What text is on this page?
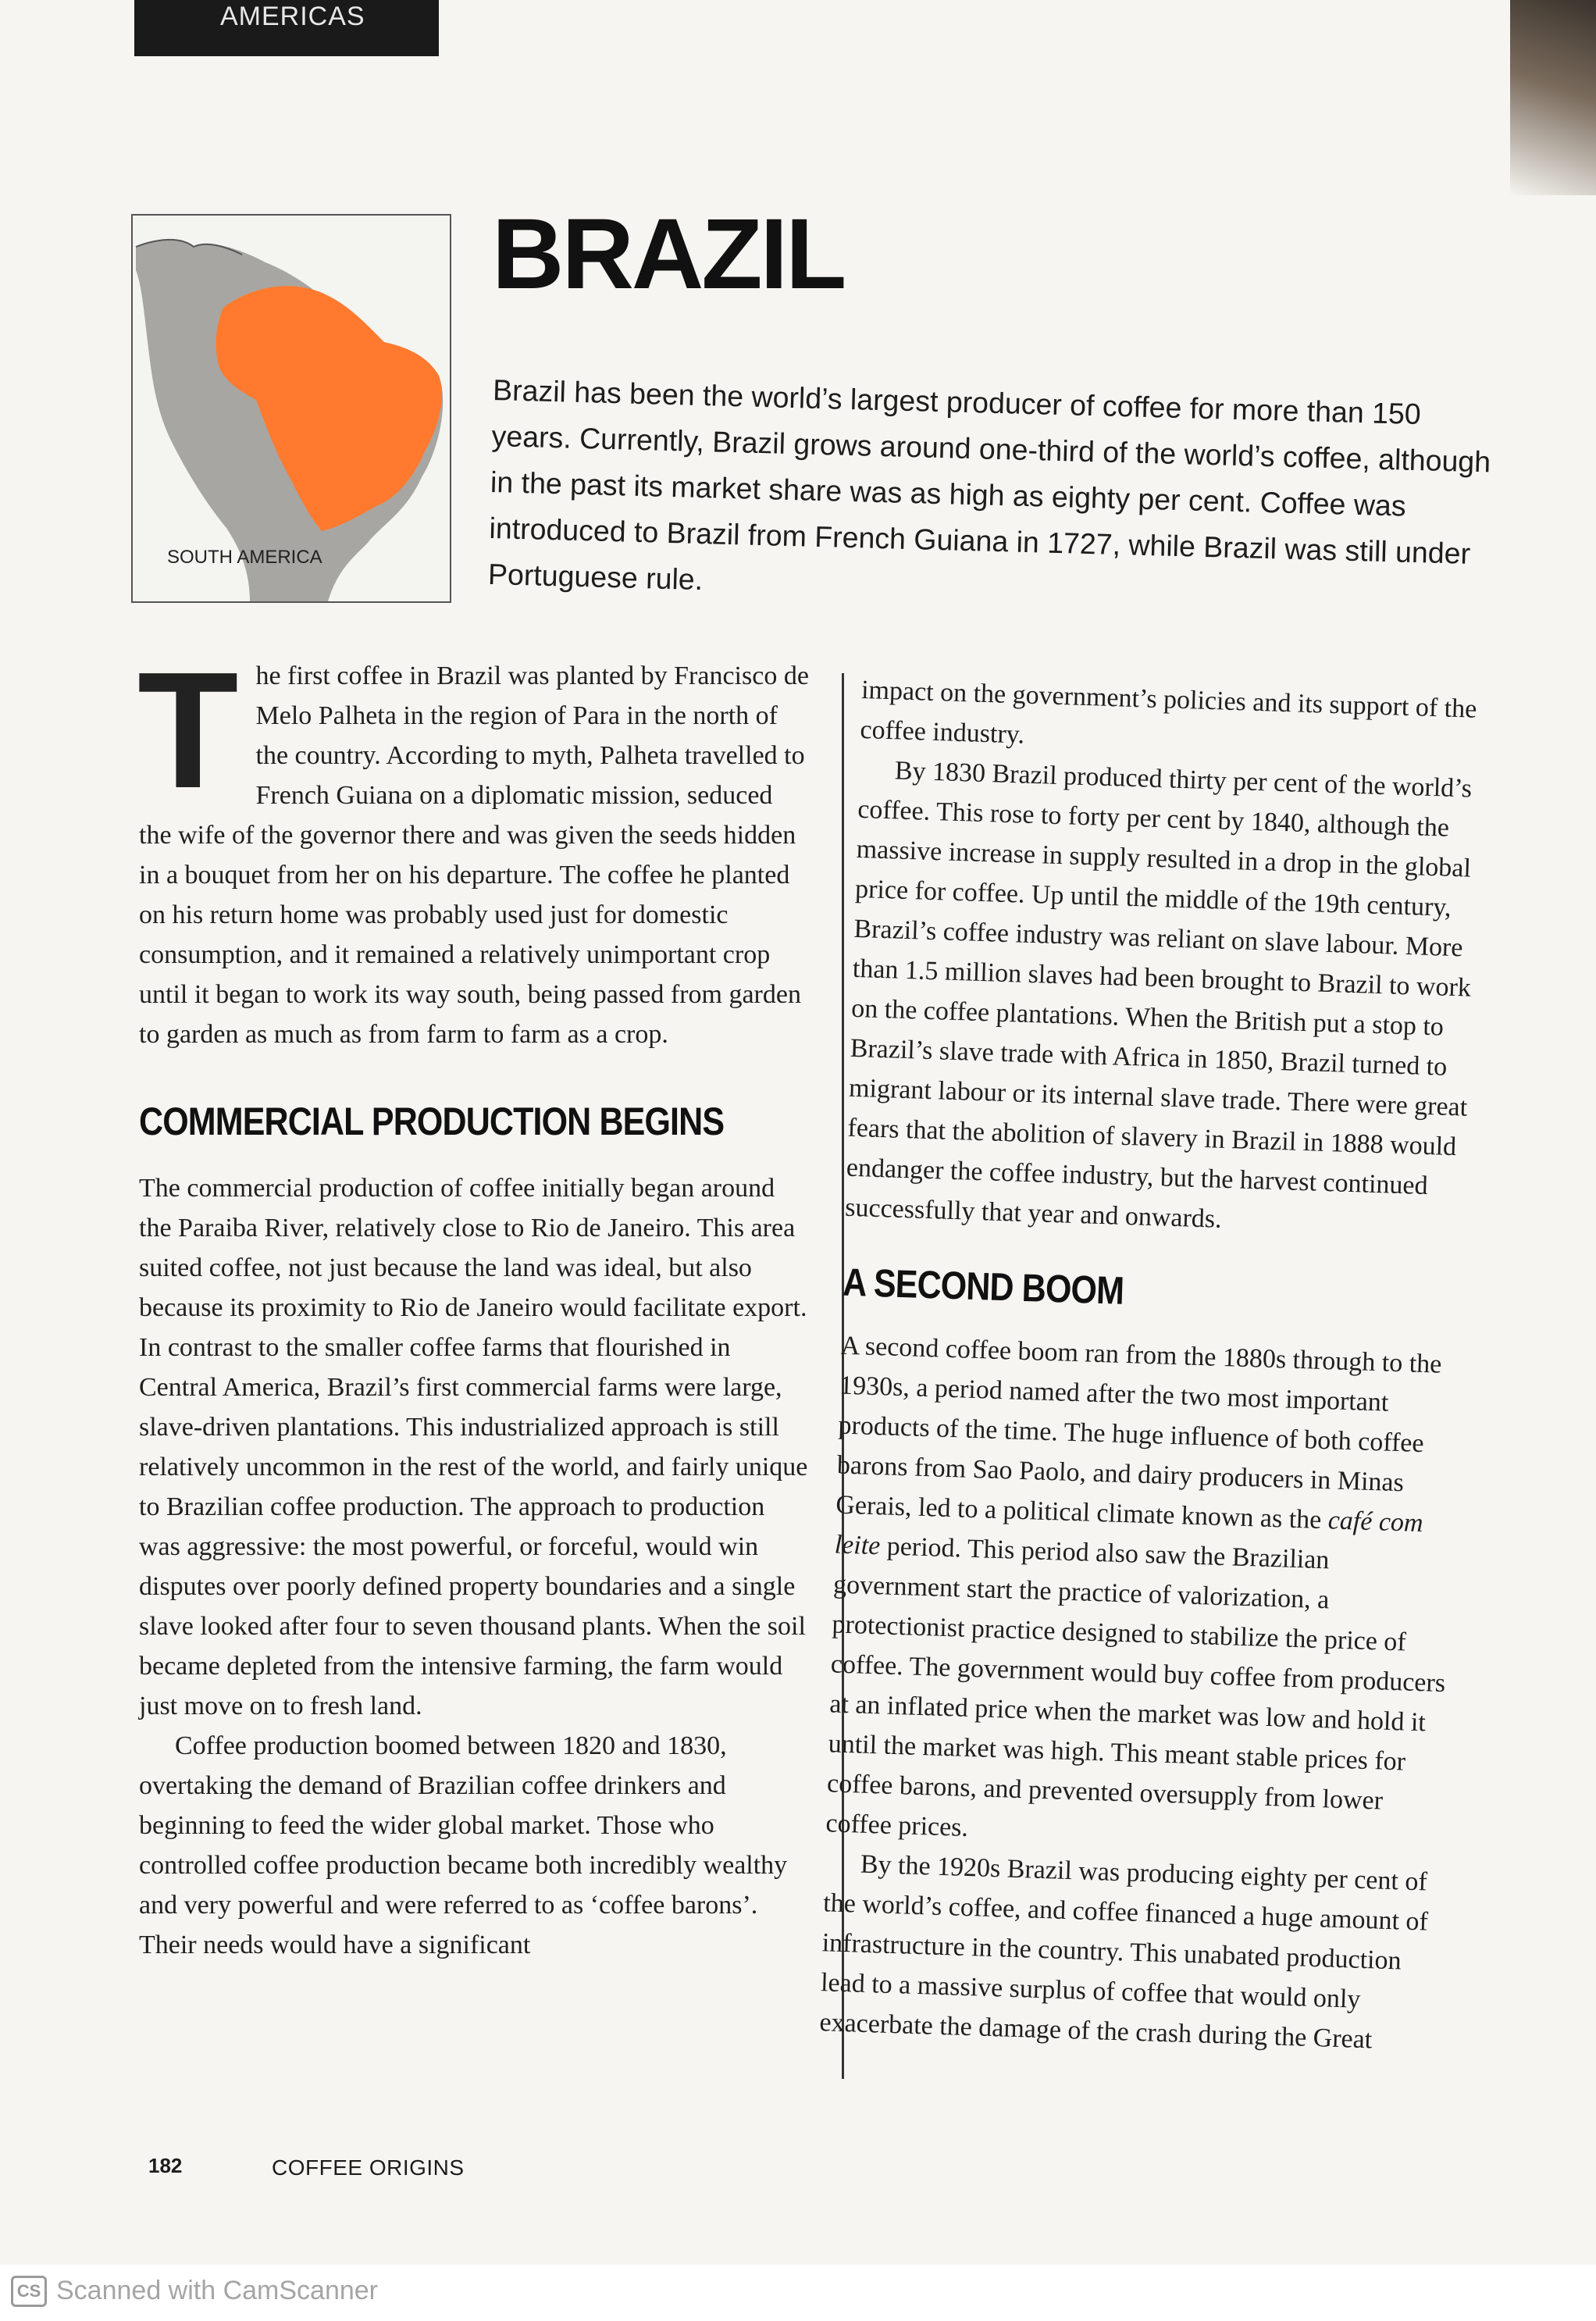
AMERICAS
SOUTH AMERICA
BRAZIL
Brazil has been the world’s largest producer of coffee for more than 150 years. Currently, Brazil grows around one-third of the world’s coffee, although in the past its market share was as high as eighty per cent. Coffee was introduced to Brazil from French Guiana in 1727, while Brazil was still under Portuguese rule.

The first coffee in Brazil was planted by Francisco de Melo Palheta in the region of Para in the north of the country. According to myth, Palheta travelled to French Guiana on a diplomatic mission, seduced the wife of the governor there and was given the seeds hidden in a bouquet from her on his departure. The coffee he planted on his return home was probably used just for domestic consumption, and it remained a relatively unimportant crop until it began to work its way south, being passed from garden to garden as much as from farm to farm as a crop.

COMMERCIAL PRODUCTION BEGINS

The commercial production of coffee initially began around the Paraiba River, relatively close to Rio de Janeiro. This area suited coffee, not just because the land was ideal, but also because its proximity to Rio de Janeiro would facilitate export. In contrast to the smaller coffee farms that flourished in Central America, Brazil’s first commercial farms were large, slave-driven plantations. This industrialized approach is still relatively uncommon in the rest of the world, and fairly unique to Brazilian coffee production. The approach to production was aggressive: the most powerful, or forceful, would win disputes over poorly defined property boundaries and a single slave looked after four to seven thousand plants. When the soil became depleted from the intensive farming, the farm would just move on to fresh land.

Coffee production boomed between 1820 and 1830, overtaking the demand of Brazilian coffee drinkers and beginning to feed the wider global market. Those who controlled coffee production became both incredibly wealthy and very powerful and were referred to as ‘coffee barons’. Their needs would have a significant

impact on the government’s policies and its support of the coffee industry.

By 1830 Brazil produced thirty per cent of the world’s coffee. This rose to forty per cent by 1840, although the massive increase in supply resulted in a drop in the global price for coffee. Up until the middle of the 19th century, Brazil’s coffee industry was reliant on slave labour. More than 1.5 million slaves had been brought to Brazil to work on the coffee plantations. When the British put a stop to Brazil’s slave trade with Africa in 1850, Brazil turned to migrant labour or its internal slave trade. There were great fears that the abolition of slavery in Brazil in 1888 would endanger the coffee industry, but the harvest continued successfully that year and onwards.

A SECOND BOOM

A second coffee boom ran from the 1880s through to the 1930s, a period named after the two most important products of the time. The huge influence of both coffee barons from Sao Paolo, and dairy producers in Minas Gerais, led to a political climate known as the café com leite period. This period also saw the Brazilian government start the practice of valorization, a protectionist practice designed to stabilize the price of coffee. The government would buy coffee from producers at an inflated price when the market was low and hold it until the market was high. This meant stable prices for coffee barons, and prevented oversupply from lower coffee prices.

By the 1920s Brazil was producing eighty per cent of the world’s coffee, and coffee financed a huge amount of infrastructure in the country. This unabated production lead to a massive surplus of coffee that would only exacerbate the damage of the crash during the Great

182	COFFEE ORIGINS
CS Scanned with CamScanner
